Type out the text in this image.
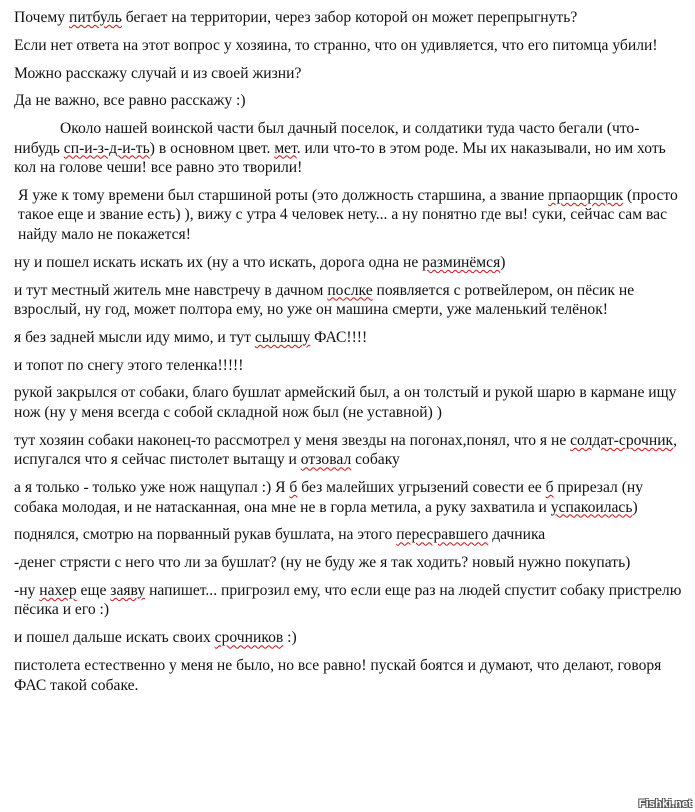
Почему питбуль бегает на территории, через забор которой он может перепрыгнуть?

Если нет ответа на этот вопрос у хозяина, то странно, что он удивляется, что его питомца убили!

Можно расскажу случай и из своей жизни?

Да не важно, все равно расскажу :)

Около нашей воинской части был дачный поселок, и солдатики туда часто бегали (что-нибудь сп-и-з-д-и-ть) в основном цвет. мет. или что-то в этом роде. Мы их наказывали, но им хоть кол на голове чеши! все равно это творили!

Я уже к тому времени был старшиной роты (это должность старшина, а звание прпаорщик (просто такое еще и звание есть) ), вижу с утра 4 человек нету... а ну понятно где вы! суки, сейчас сам вас найду мало не покажется!

ну и пошел искать искать их (ну а что искать, дорога одна не разминёмся)

и тут местный житель мне навстречу в дачном послке появляется с ротвейлером, он пёсик не взрослый, ну год, может полтора ему, но уже он машина смерти, уже маленький телёнок!

я без задней мысли иду мимо, и тут сылышу ФАС!!!!

и топот по снегу этого теленка!!!!!

рукой закрылся от собаки, благо бушлат армейский был, а он толстый и рукой шарю в кармане ищу нож (ну у меня всегда с собой складной нож был (не уставной) )

тут хозяин собаки наконец-то рассмотрел у меня звезды на погонах,понял, что я не солдат-срочник, испугался что я сейчас пистолет вытащу и отзовал собаку

а я только - только уже нож нащупал :) Я б без малейших угрызений совести ее б прирезал (ну собака молодая, и не натасканная, она мне не в горла метила, а руку захватила и успакоилась)

поднялся, смотрю на порванный рукав бушлата, на этого пересравшего дачника

-денег стрясти с него что ли за бушлат? (ну не буду же я так ходить? новый нужно покупать)

-ну нахер еще заяву напишет... пригрозил ему, что если еще раз на людей спустит собаку пристрелю пёсика и его :)

и пошел дальше искать своих срочников :)

пистолета естественно у меня не было, но все равно! пускай боятся и думают, что делают, говоря ФАС такой собаке.

Fishki.net
